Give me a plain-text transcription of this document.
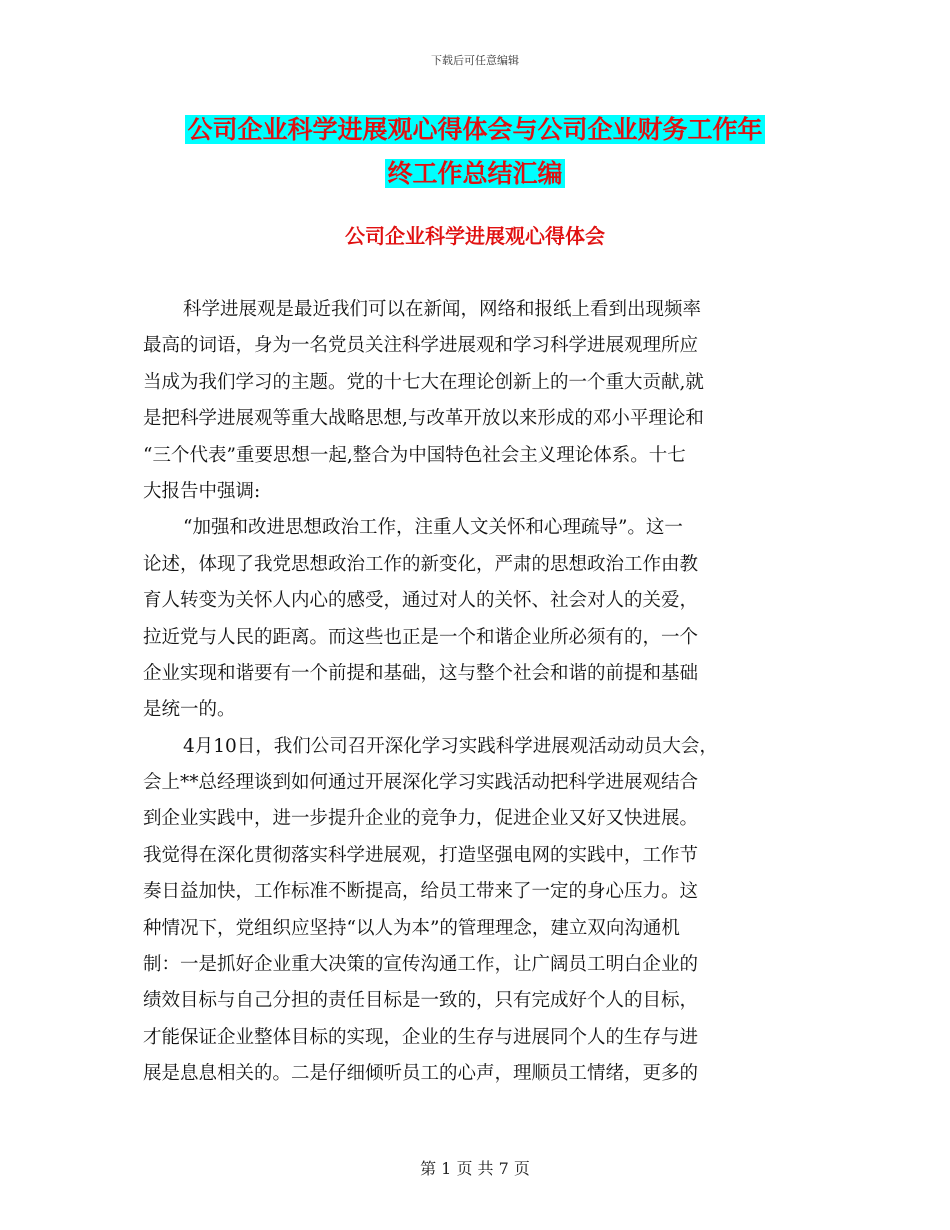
下载后可任意编辑
公司企业科学进展观心得体会与公司企业财务工作年
终工作总结汇编
公司企业科学进展观心得体会
科学进展观是最近我们可以在新闻，网络和报纸上看到出现频率
最高的词语，身为一名党员关注科学进展观和学习科学进展观理所应
当成为我们学习的主题。党的十七大在理论创新上的一个重大贡献,就
是把科学进展观等重大战略思想,与改革开放以来形成的邓小平理论和
“三个代表”重要思想一起,整合为中国特色社会主义理论体系。十七
大报告中强调:
“加强和改进思想政治工作，注重人文关怀和心理疏导”。这一
论述，体现了我党思想政治工作的新变化，严肃的思想政治工作由教
育人转变为关怀人内心的感受，通过对人的关怀、社会对人的关爱，
拉近党与人民的距离。而这些也正是一个和谐企业所必须有的，一个
企业实现和谐要有一个前提和基础，这与整个社会和谐的前提和基础
是统一的。
4月10日，我们公司召开深化学习实践科学进展观活动动员大会，
会上**总经理谈到如何通过开展深化学习实践活动把科学进展观结合
到企业实践中，进一步提升企业的竞争力，促进企业又好又快进展。
我觉得在深化贯彻落实科学进展观，打造坚强电网的实践中，工作节
奏日益加快，工作标准不断提高，给员工带来了一定的身心压力。这
种情况下，党组织应坚持“以人为本”的管理理念，建立双向沟通机
制：一是抓好企业重大决策的宣传沟通工作，让广阔员工明白企业的
绩效目标与自己分担的责任目标是一致的，只有完成好个人的目标，
才能保证企业整体目标的实现，企业的生存与进展同个人的生存与进
展是息息相关的。二是仔细倾听员工的心声，理顺员工情绪，更多的
第 1 页 共 7 页
